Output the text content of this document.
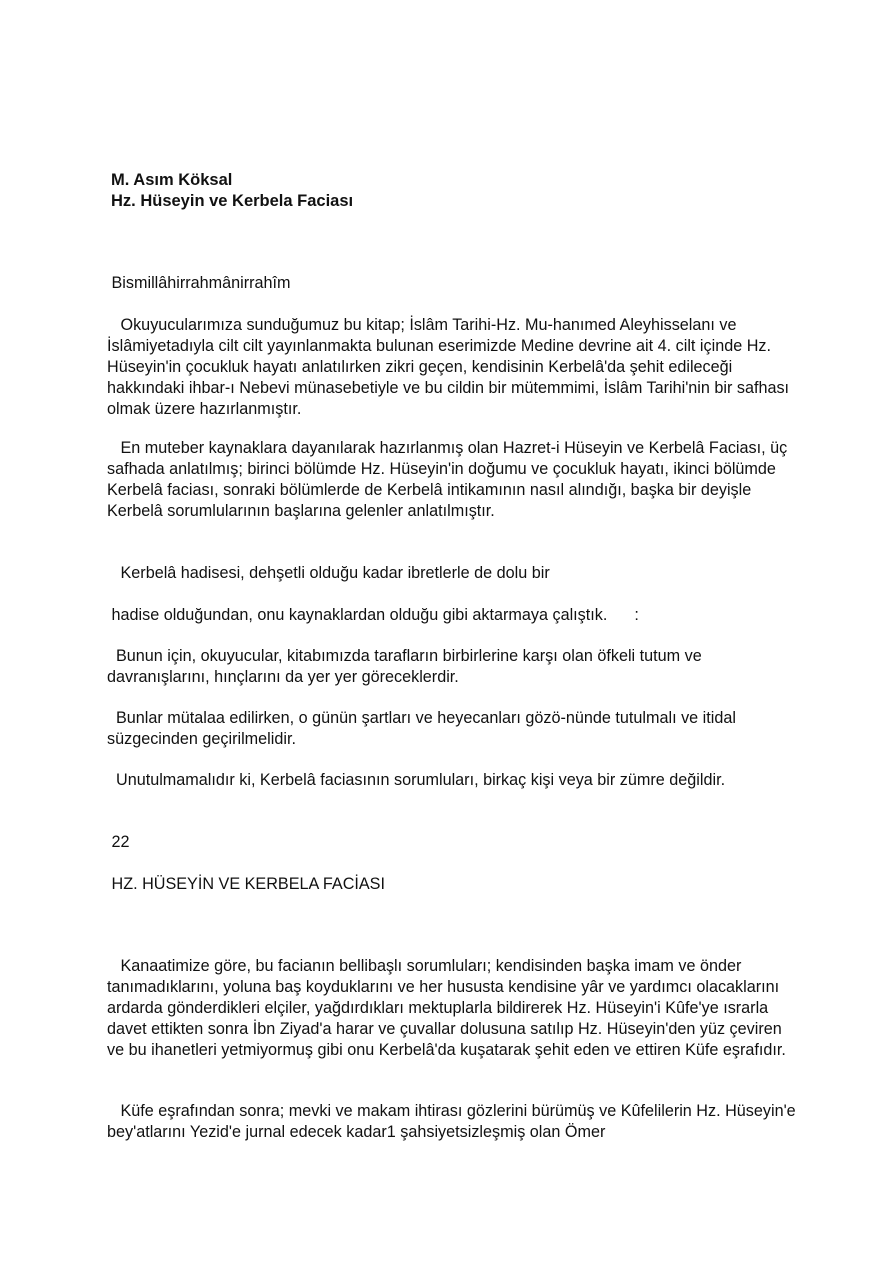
M. Asım Köksal
Hz. Hüseyin ve Kerbela Faciası
Bismillâhirrahmânirrahîm
Okuyucularımıza sunduğumuz bu kitap; İslâm Tarihi-Hz. Mu-hanımed Aleyhisselanı ve İslâmiyetadıyla cilt cilt yayınlanmakta bulunan eserimizde Medine devrine ait 4. cilt içinde Hz. Hüseyin'in çocukluk hayatı anlatılırken zikri geçen, kendisinin Kerbelâ'da şehit edileceği hakkındaki ihbar-ı Nebevi münasebetiyle ve bu cildin bir mütemmimi, İslâm Tarihi'nin bir safhası olmak üzere hazırlanmıştır.
En muteber kaynaklara dayanılarak hazırlanmış olan Hazret-i Hüseyin ve Kerbelâ Faciası, üç safhada anlatılmış; birinci bölümde Hz. Hüseyin'in doğumu ve çocukluk hayatı, ikinci bölümde Kerbelâ faciası, sonraki bölümlerde de Kerbelâ intikamının nasıl alındığı, başka bir deyişle Kerbelâ sorumlularının başlarına gelenler anlatılmıştır.
Kerbelâ hadisesi, dehşetli olduğu kadar ibretlerle de dolu bir
hadise olduğundan, onu kaynaklardan olduğu gibi aktarmaya çalıştık.      :
Bunun için, okuyucular, kitabımızda tarafların birbirlerine karşı olan öfkeli tutum ve davranışlarını, hınçlarını da yer yer göreceklerdir.
Bunlar mütalaa edilirken, o günün şartları ve heyecanları gözö-nünde tutulmalı ve itidal süzgecinden geçirilmelidir.
Unutulmamalıdır ki, Kerbelâ faciasının sorumluları, birkaç kişi veya bir zümre değildir.
22
HZ. HÜSEYİN VE KERBELA FACİASI
Kanaatimize göre, bu facianın bellibaşlı sorumluları; kendisinden başka imam ve önder tanımadıklarını, yoluna baş koyduklarını ve her hususta kendisine yâr ve yardımcı olacaklarını ardarda gönderdikleri elçiler, yağdırdıkları mektuplarla bildirerek Hz. Hüseyin'i Kûfe'ye ısrarla davet ettikten sonra İbn Ziyad'a harar ve çuvallar dolusuna satılıp Hz. Hüseyin'den yüz çeviren ve bu ihanetleri yetmiyormuş gibi onu Kerbelâ'da kuşatarak şehit eden ve ettiren Küfe eşrafıdır.
Küfe eşrafından sonra; mevki ve makam ihtirası gözlerini bürümüş ve Kûfelilerin Hz. Hüseyin'e bey'atlarını Yezid'e jurnal edecek kadar1 şahsiyetsizleşmiş olan Ömer
